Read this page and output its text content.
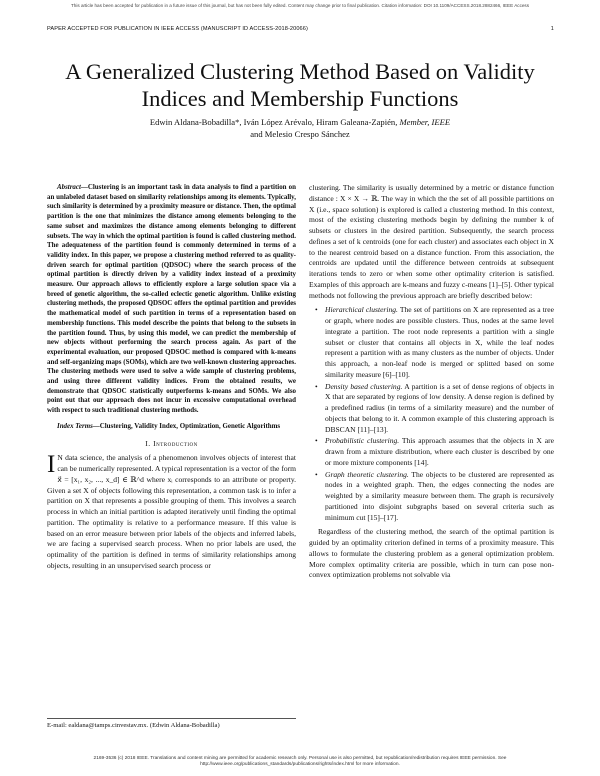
This article has been accepted for publication in a future issue of this journal, but has not been fully edited. Content may change prior to final publication. Citation information: DOI 10.1109/ACCESS.2018.2882466, IEEE Access
PAPER ACCEPTED FOR PUBLICATION IN IEEE ACCESS (MANUSCRIPT ID ACCESS-2018-20066)	1
A Generalized Clustering Method Based on Validity Indices and Membership Functions
Edwin Aldana-Bobadilla*, Iván López Arévalo, Hiram Galeana-Zapién, Member, IEEE
and Melesio Crespo Sánchez

Abstract—Clustering is an important task in data analysis to find a partition on an unlabeled dataset based on similarity relationships among its elements. Typically, such similarity is determined by a proximity measure or distance. Then, the optimal partition is the one that minimizes the distance among elements belonging to the same subset and maximizes the distance among elements belonging to different subsets. The way in which the optimal partition is found is called clustering method. The adequateness of the partition found is commonly determined in terms of a validity index. In this paper, we propose a clustering method referred to as quality-driven search for optimal partition (QDSOC) where the search process of the optimal partition is directly driven by a validity index instead of a proximity measure. Our approach allows to efficiently explore a large solution space via a breed of genetic algorithm, the so-called eclectic genetic algorithm. Unlike existing clustering methods, the proposed QDSOC offers the optimal partition and provides the mathematical model of such partition in terms of a representation based on membership functions. This model describe the points that belong to the subsets in the partition found. Thus, by using this model, we can predict the membership of new objects without performing the search process again. As part of the experimental evaluation, our proposed QDSOC method is compared with k-means and self-organizing maps (SOMs), which are two well-known clustering approaches. The clustering methods were used to solve a wide sample of clustering problems, and using three different validity indices. From the obtained results, we demonstrate that QDSOC statistically outperforms k-means and SOMs. We also point out that our approach does not incur in excessive computational overhead with respect to such traditional clustering methods.

Index Terms—Clustering, Validity Index, Optimization, Genetic Algorithms

I. Introduction

I N data science, the analysis of a phenomenon involves objects of interest that can be numerically represented. A typical representation is a vector of the form x⃗ = [x₁, x₂, ..., x_d] ∈ ℝ^d where xᵢ corresponds to an attribute or property. Given a set X of objects following this representation, a common task is to infer a partition on X that represents a possible grouping of them. This involves a search process in which an initial partition is adapted iteratively until finding the optimal partition. The optimality is relative to a performance measure. If this value is based on an error measure between prior labels of the objects and inferred labels, we are facing a supervised search process. When no prior labels are used, the optimality of the partition is defined in terms of similarity relationships among objects, resulting in an unsupervised search process or

clustering. The similarity is usually determined by a metric or distance function distance : X × X → ℝ. The way in which the the set of all possible partitions on X (i.e., space solution) is explored is called a clustering method. In this context, most of the existing clustering methods begin by defining the number k of subsets or clusters in the desired partition. Subsequently, the search process defines a set of k centroids (one for each cluster) and associates each object in X to the nearest centroid based on a distance function. From this association, the centroids are updated until the difference between centroids at subsequent iterations tends to zero or when some other optimality criterion is satisfied. Examples of this approach are k-means and fuzzy c-means [1]–[5]. Other typical methods not following the previous approach are briefly described below:

• Hierarchical clustering. The set of partitions on X are represented as a tree or graph, where nodes are possible clusters. Thus, nodes at the same level integrate a partition. The root node represents a partition with a single subset or cluster that contains all objects in X, while the leaf nodes represent a partition with as many clusters as the number of objects. Under this approach, a non-leaf node is merged or splitted based on some similarity measure [6]–[10].
• Density based clustering. A partition is a set of dense regions of objects in X that are separated by regions of low density. A dense region is defined by a predefined radius (in terms of a similarity measure) and the number of objects that belong to it. A common example of this clustering approach is DBSCAN [11]–[13].
• Probabilistic clustering. This approach assumes that the objects in X are drawn from a mixture distribution, where each cluster is described by one or more mixture components [14].
• Graph theoretic clustering. The objects to be clustered are represented as nodes in a weighted graph. Then, the edges connecting the nodes are weighted by a similarity measure between them. The graph is recursively partitioned into disjoint subgraphs based on several criteria such as minimum cut [15]–[17].

Regardless of the clustering method, the search of the optimal partition is guided by an optimality criterion defined in terms of a proximity measure. This allows to formulate the clustering problem as a general optimization problem. More complex optimality criteria are possible, which in turn can pose non-convex optimization problems not solvable via

E-mail: ealdana@tamps.cinvestav.mx. (Edwin Aldana-Bobadilla)
2169-3536 (c) 2018 IEEE. Translations and content mining are permitted for academic research only. Personal use is also permitted, but republication/redistribution requires IEEE permission. See
http://www.ieee.org/publications_standards/publications/rights/index.html for more information.
